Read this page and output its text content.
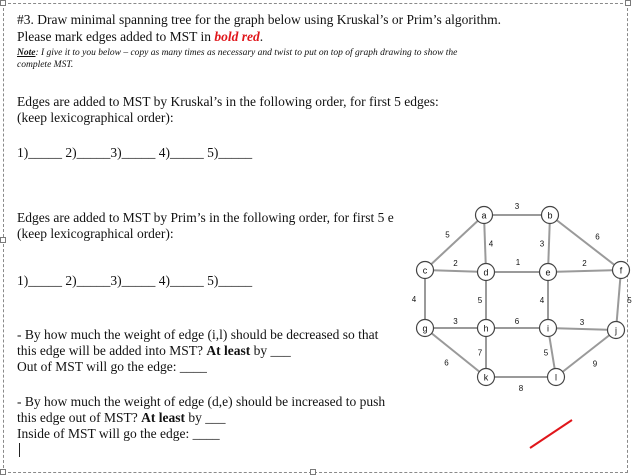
#3. Draw minimal spanning tree for the graph below using Kruskal’s or Prim’s algorithm.
Please mark edges added to MST in bold red.
Note: I give it to you below – copy as many times as necessary and twist to put on top of graph drawing to show the
complete MST.
Edges are added to MST by Kruskal’s in the following order, for first 5 edges:
(keep lexicographical order):
1)_____ 2)_____3)_____ 4)_____ 5)_____
Edges are added to MST by Prim’s in the following order, for first 5 e
(keep lexicographical order):
1)_____ 2)_____3)_____ 4)_____ 5)_____
- By how much the weight of edge (i,l) should be decreased so that
this edge will be added into MST? At least by ___
Out of MST will go the edge: ____
- By how much the weight of edge (d,e) should be increased to push
this edge out of MST? At least by ___
Inside of MST will go the edge: ____
3
5
4	3
6
2	1	2
4	5	4	5
3	6	3
6
7	5
9
8
a	b
c	d	e	f
g	h	i	j
k	l
